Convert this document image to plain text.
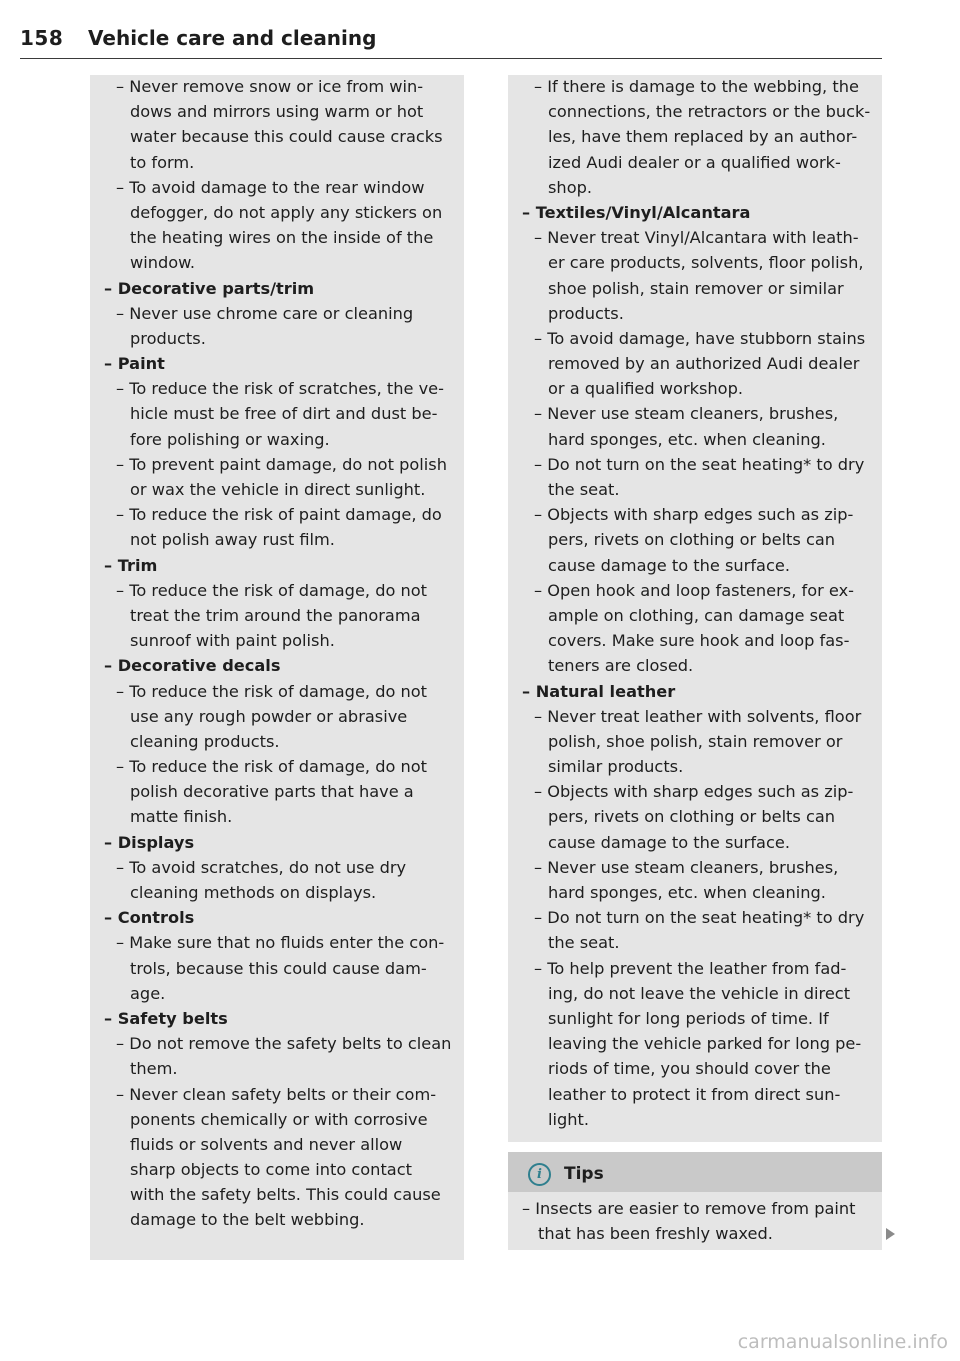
158 Vehicle care and cleaning
– Never remove snow or ice from win-
dows and mirrors using warm or hot
water because this could cause cracks
to form.
– To avoid damage to the rear window
defogger, do not apply any stickers on
the heating wires on the inside of the
window.
– Decorative parts/trim
– Never use chrome care or cleaning
products.
– Paint
– To reduce the risk of scratches, the ve-
hicle must be free of dirt and dust be-
fore polishing or waxing.
– To prevent paint damage, do not polish
or wax the vehicle in direct sunlight.
– To reduce the risk of paint damage, do
not polish away rust film.
– Trim
– To reduce the risk of damage, do not
treat the trim around the panorama
sunroof with paint polish.
– Decorative decals
– To reduce the risk of damage, do not
use any rough powder or abrasive
cleaning products.
– To reduce the risk of damage, do not
polish decorative parts that have a
matte finish.
– Displays
– To avoid scratches, do not use dry
cleaning methods on displays.
– Controls
– Make sure that no fluids enter the con-
trols, because this could cause dam-
age.
– Safety belts
– Do not remove the safety belts to clean
them.
– Never clean safety belts or their com-
ponents chemically or with corrosive
fluids or solvents and never allow
sharp objects to come into contact
with the safety belts. This could cause
damage to the belt webbing.
– If there is damage to the webbing, the
connections, the retractors or the buck-
les, have them replaced by an author-
ized Audi dealer or a qualified work-
shop.
– Textiles/Vinyl/Alcantara
– Never treat Vinyl/Alcantara with leath-
er care products, solvents, floor polish,
shoe polish, stain remover or similar
products.
– To avoid damage, have stubborn stains
removed by an authorized Audi dealer
or a qualified workshop.
– Never use steam cleaners, brushes,
hard sponges, etc. when cleaning.
– Do not turn on the seat heating* to dry
the seat.
– Objects with sharp edges such as zip-
pers, rivets on clothing or belts can
cause damage to the surface.
– Open hook and loop fasteners, for ex-
ample on clothing, can damage seat
covers. Make sure hook and loop fas-
teners are closed.
– Natural leather
– Never treat leather with solvents, floor
polish, shoe polish, stain remover or
similar products.
– Objects with sharp edges such as zip-
pers, rivets on clothing or belts can
cause damage to the surface.
– Never use steam cleaners, brushes,
hard sponges, etc. when cleaning.
– Do not turn on the seat heating* to dry
the seat.
– To help prevent the leather from fad-
ing, do not leave the vehicle in direct
sunlight for long periods of time. If
leaving the vehicle parked for long pe-
riods of time, you should cover the
leather to protect it from direct sun-
light.
i	Tips
– Insects are easier to remove from paint
that has been freshly waxed.
carmanualsonline.info
